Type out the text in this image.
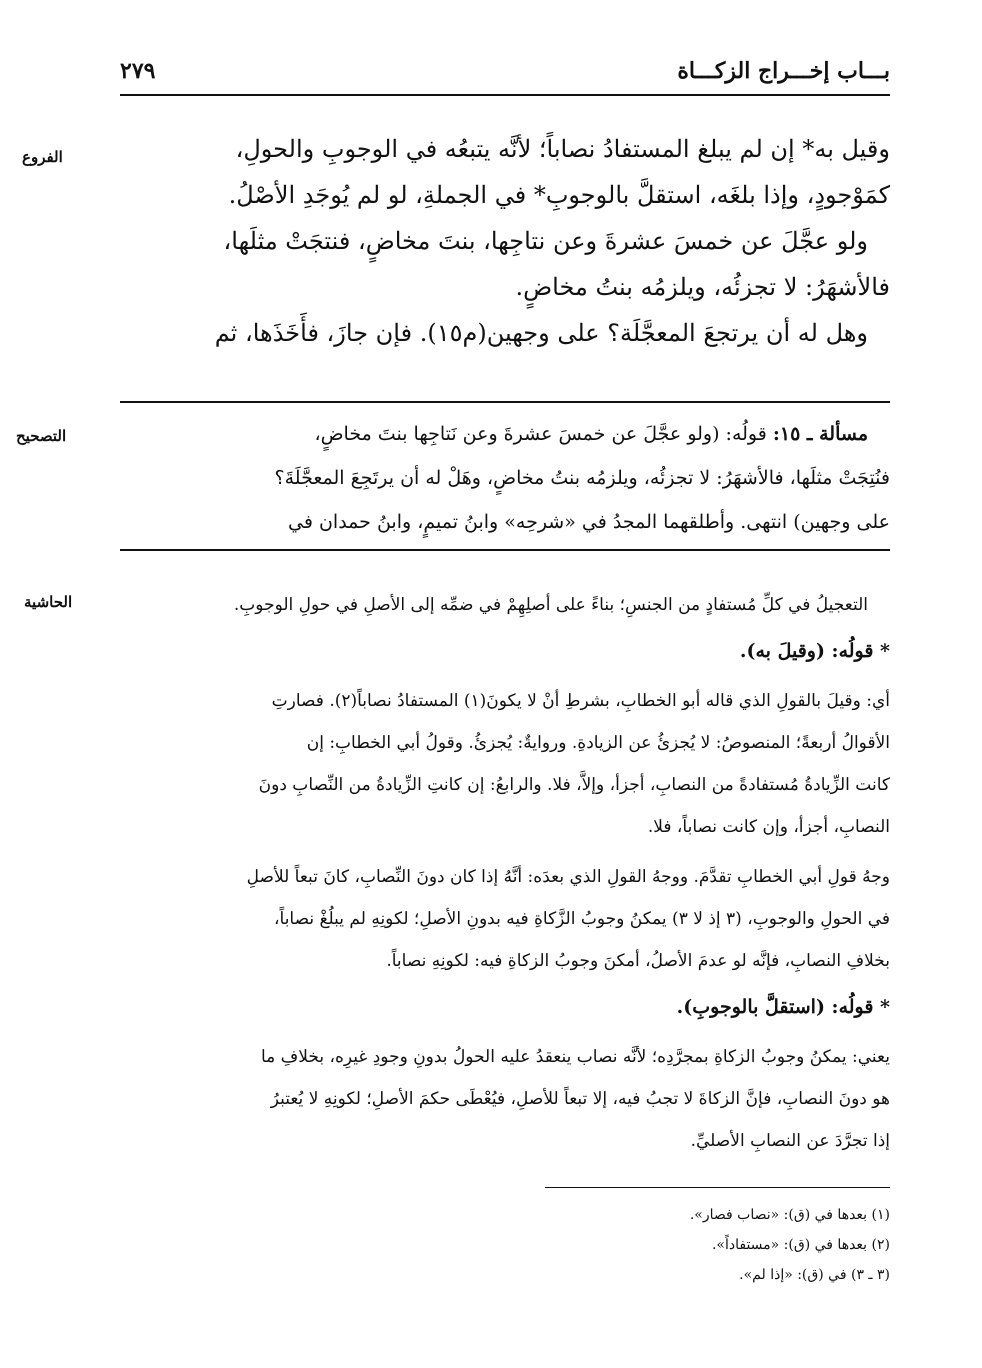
بـــاب إخـــراج الزكـــاة
٢٧٩
الفروع
التصحيح
الحاشية

وقيل به* إن لم يبلغ المستفادُ نصاباً؛ لأنَّه يتبعُه في الوجوبِ والحولِ،

كمَوْجودٍ، وإذا بلغَه، استقلَّ بالوجوبِ* في الجملةِ، لو لم يُوجَدِ الأصْلُ.

ولو عجَّلَ عن خمسَ عشرةَ وعن نتاجِها، بنتَ مخاضٍ، فنتجَتْ مثلَها،

فالأشهَرُ: لا تجزئُه، ويلزمُه بنتُ مخاضٍ.

وهل له أن يرتجعَ المعجَّلَة؟ على وجهين(م١٥). فإن جازَ، فأَخَذَها، ثم

مسألة ـ ١٥: قولُه: (ولو عجَّلَ عن خمسَ عشرةَ وعن نَتاجِها بنتَ مخاضٍ،

فنُتِجَتْ مثلَها، فالأشهَرُ: لا تجزئُه، ويلزمُه بنتُ مخاضٍ، وهَلْ له أن يرتَجِعَ المعجَّلَةَ؟

على وجهين) انتهى. وأطلقهما المجدُ في «شرحِه» وابنُ تميمٍ، وابنُ حمدان في

التعجيلُ في كلِّ مُستفادٍ من الجنسِ؛ بناءً على أصلِهِمْ في ضمِّه إلى الأصلِ في حولِ الوجوبِ.

* قولُه: (وقيلَ به).

أي: وقيلَ بالقولِ الذي قاله أبو الخطابِ، بشرطِ أنْ لا يكونَ(١) المستفادُ نصاباً(٢). فصارتِ

الأقوالُ أربعةً؛ المنصوصُ: لا يُجزئُ عن الزيادةِ. وروايةٌ: يُجزئُ. وقولُ أبي الخطابِ: إن

كانت الزِّيادةُ مُستفادةً من النصابِ، أجزأ، وإلاَّ، فلا. والرابعُ: إن كانتِ الزِّيادةُ من النِّصابِ دونَ

النصابِ، أجزأ، وإن كانت نصاباً، فلا.

وجهُ قولِ أبي الخطابِ تقدَّمَ. ووجهُ القولِ الذي بعدَه: أنَّهُ إذا كان دونَ النِّصابِ، كانَ تبعاً للأصلِ

في الحولِ والوجوبِ، (٣ إذ لا ٣) يمكنُ وجوبُ الزَّكاةِ فيه بدونِ الأصلِ؛ لكونِهِ لم يبلُغْ نصاباً،

بخلافِ النصابِ، فإنَّه لو عدمَ الأصلُ، أمكنَ وجوبُ الزكاةِ فيه: لكونِهِ نصاباً.

* قولُه: (استقلَّ بالوجوبِ).

يعني: يمكنُ وجوبُ الزكاةِ بمجرَّدِه؛ لأنَّه نصاب ينعقدُ عليه الحولُ بدونِ وجودِ غيرِه، بخلافِ ما

هو دونَ النصابِ، فإنَّ الزكاةَ لا تجبُ فيه، إلا تبعاً للأصلِ، فيُعْطَى حكمَ الأصلِ؛ لكونِهِ لا يُعتبرُ

إذا تجرَّدَ عن النصابِ الأصليِّ.

(١) بعدها في (ق): «نصاب فصار».

(٢) بعدها في (ق): «مستفاداً».

(٣ ـ ٣) في (ق): «إذا لم».
